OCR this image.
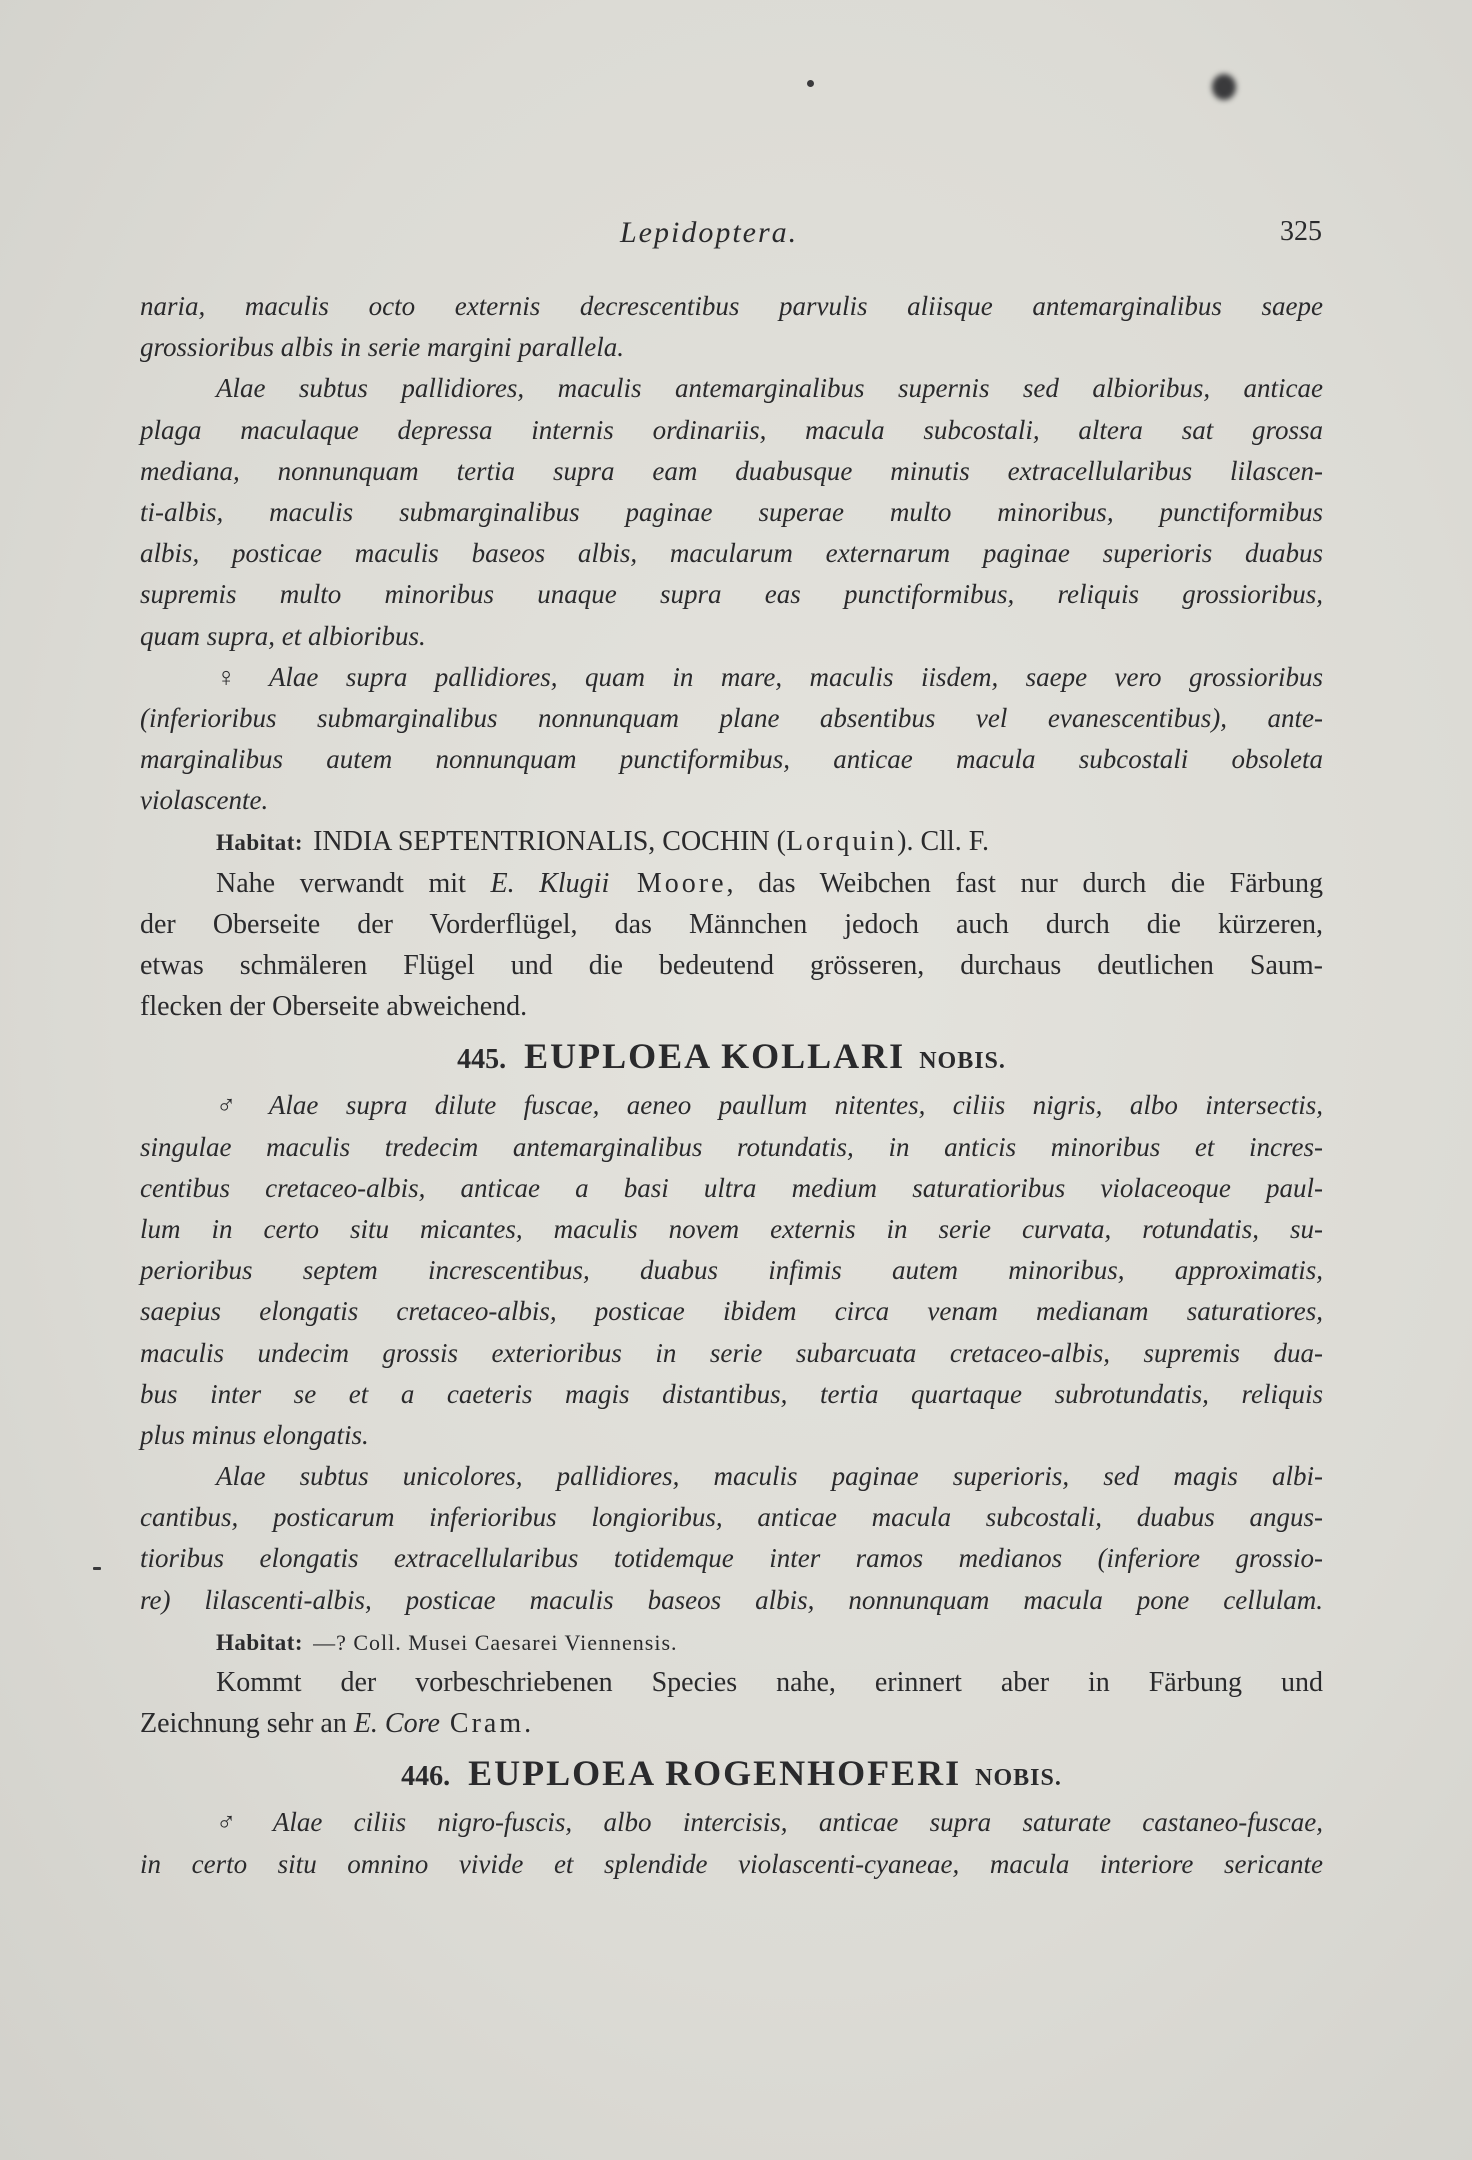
Lepidoptera.	325
naria, maculis octo externis decrescentibus parvulis aliisque antemarginalibus saepe
grossioribus albis in serie margini parallela.
Alae subtus pallidiores, maculis antemarginalibus supernis sed albioribus, anticae
plaga maculaque depressa internis ordinariis, macula subcostali, altera sat grossa
mediana, nonnunquam tertia supra eam duabusque minutis extracellularibus lilascen-
ti-albis, maculis submarginalibus paginae superae multo minoribus, punctiformibus
albis, posticae maculis baseos albis, macularum externarum paginae superioris duabus
supremis multo minoribus unaque supra eas punctiformibus, reliquis grossioribus,
quam supra, et albioribus.
♀ Alae supra pallidiores, quam in mare, maculis iisdem, saepe vero grossioribus
(inferioribus submarginalibus nonnunquam plane absentibus vel evanescentibus), ante-
marginalibus autem nonnunquam punctiformibus, anticae macula subcostali obsoleta
violascente.
Habitat: INDIA SEPTENTRIONALIS, COCHIN (Lorquin). Cll. F.
Nahe verwandt mit E. Klugii Moore, das Weibchen fast nur durch die Färbung
der Oberseite der Vorderflügel, das Männchen jedoch auch durch die kürzeren,
etwas schmäleren Flügel und die bedeutend grösseren, durchaus deutlichen Saum-
flecken der Oberseite abweichend.
445. EUPLOEA KOLLARI NOBIS.
♂ Alae supra dilute fuscae, aeneo paullum nitentes, ciliis nigris, albo intersectis,
singulae maculis tredecim antemarginalibus rotundatis, in anticis minoribus et incres-
centibus cretaceo-albis, anticae a basi ultra medium saturatioribus violaceoque paul-
lum in certo situ micantes, maculis novem externis in serie curvata, rotundatis, su-
perioribus septem increscentibus, duabus infimis autem minoribus, approximatis,
saepius elongatis cretaceo-albis, posticae ibidem circa venam medianam saturatiores,
maculis undecim grossis exterioribus in serie subarcuata cretaceo-albis, supremis dua-
bus inter se et a caeteris magis distantibus, tertia quartaque subrotundatis, reliquis
plus minus elongatis.
Alae subtus unicolores, pallidiores, maculis paginae superioris, sed magis albi-
cantibus, posticarum inferioribus longioribus, anticae macula subcostali, duabus angus-
tioribus elongatis extracellularibus totidemque inter ramos medianos (inferiore grossio-
re) lilascenti-albis, posticae maculis baseos albis, nonnunquam macula pone cellulam.
Habitat: —? Coll. Musei Caesarei Viennensis.
Kommt der vorbeschriebenen Species nahe, erinnert aber in Färbung und
Zeichnung sehr an E. Core Cram.
446. EUPLOEA ROGENHOFERI NOBIS.
♂ Alae ciliis nigro-fuscis, albo intercisis, anticae supra saturate castaneo-fuscae,
in certo situ omnino vivide et splendide violascenti-cyaneae, macula interiore sericante
